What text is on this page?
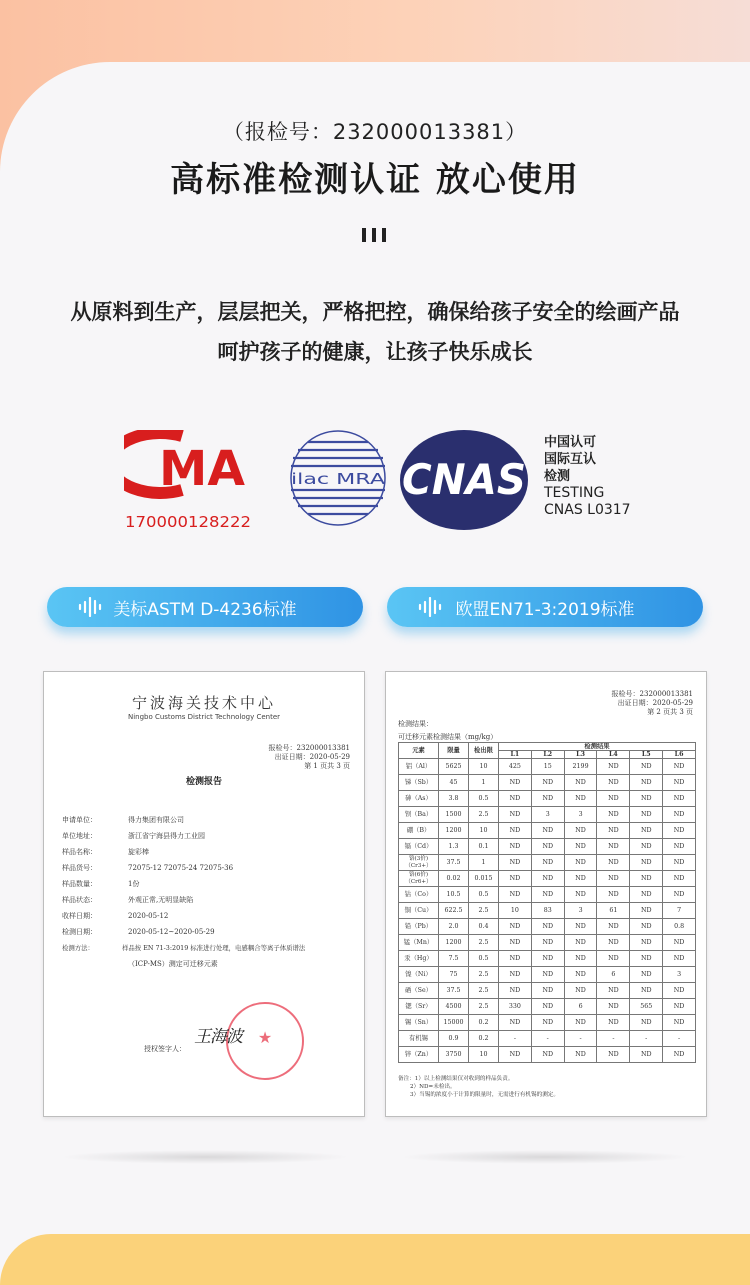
（报检号：232000013381）
高标准检测认证 放心使用
从原料到生产，层层把关，严格把控，确保给孩子安全的绘画产品
呵护孩子的健康，让孩子快乐成长
MA
170000128222
ilac MRA CNAS
中国认可
国际互认
检测
TESTING
CNAS L0317
美标ASTM D-4236标准	欧盟EN71-3:2019标准
宁波海关技术中心
Ningbo Customs District Technology Center
报检号：232000013381
出证日期：2020-05-29
第 1 页共 3 页
检测报告
申请单位：	得力集团有限公司
单位地址：	浙江省宁海县得力工业园
样品名称：	旋彩棒
样品货号：	72075-12 72075-24 72075-36
样品数量：	1份
样品状态：	外观正常,无明显缺陷
收样日期：	2020-05-12
检测日期：	2020-05-12~2020-05-29
检测方法：	样品按 EN 71-3:2019 标准进行处理，电感耦合等离子体质谱法
（ICP-MS）测定可迁移元素
★
授权签字人：
王海波
报检号：232000013381
出证日期：2020-05-29
第 2 页共 3 页
检测结果：
可迁移元素检测结果（mg/kg）
元素	限量	检出限	检测结果					
			L1	L2	L3	L4	L5	L6
铝（Al）	5625	10	425	15	2199	ND	ND	ND
锑（Sb）	45	1	ND	ND	ND	ND	ND	ND
砷（As）	3.8	0.5	ND	ND	ND	ND	ND	ND
钡（Ba）	1500	2.5	ND	3	3	ND	ND	ND
硼（B）	1200	10	ND	ND	ND	ND	ND	ND
镉（Cd）	1.3	0.1	ND	ND	ND	ND	ND	ND
铬(3价)（Cr3+）	37.5	1	ND	ND	ND	ND	ND	ND
铬(6价)（Cr6+）	0.02	0.015	ND	ND	ND	ND	ND	ND
钴（Co）	10.5	0.5	ND	ND	ND	ND	ND	ND
铜（Cu）	622.5	2.5	10	83	3	61	ND	7
铅（Pb）	2.0	0.4	ND	ND	ND	ND	ND	0.8
锰（Mn）	1200	2.5	ND	ND	ND	ND	ND	ND
汞（Hg）	7.5	0.5	ND	ND	ND	ND	ND	ND
镍（Ni）	75	2.5	ND	ND	ND	6	ND	3
硒（Se）	37.5	2.5	ND	ND	ND	ND	ND	ND
锶（Sr）	4500	2.5	330	ND	6	ND	565	ND
锡（Sn）	15000	0.2	ND	ND	ND	ND	ND	ND
有机锡	0.9	0.2	-	-	-	-	-	-
锌（Zn）	3750	10	ND	ND	ND	ND	ND	ND
备注：1）以上检测结果仅对收到的样品负责。
2）ND=未检出。
3）当锡的浓度小于计算的限量时，无需进行有机锡的测定。
